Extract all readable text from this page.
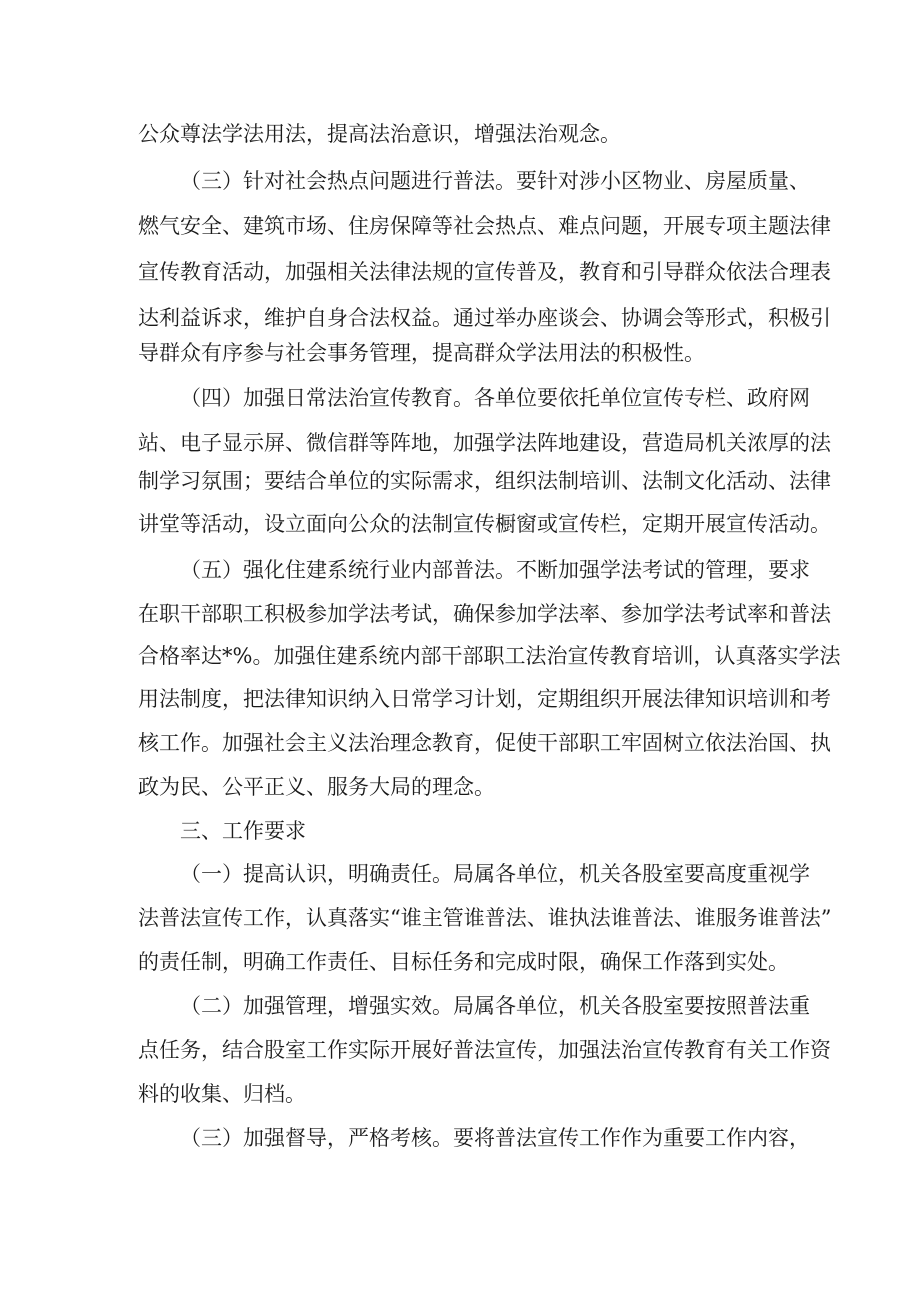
公众尊法学法用法，提高法治意识，增强法治观念。
（三）针对社会热点问题进行普法。要针对涉小区物业、房屋质量、
燃气安全、建筑市场、住房保障等社会热点、难点问题，开展专项主题法律
宣传教育活动，加强相关法律法规的宣传普及，教育和引导群众依法合理表
达利益诉求，维护自身合法权益。通过举办座谈会、协调会等形式，积极引
导群众有序参与社会事务管理，提高群众学法用法的积极性。
（四）加强日常法治宣传教育。各单位要依托单位宣传专栏、政府网
站、电子显示屏、微信群等阵地，加强学法阵地建设，营造局机关浓厚的法
制学习氛围；要结合单位的实际需求，组织法制培训、法制文化活动、法律
讲堂等活动，设立面向公众的法制宣传橱窗或宣传栏，定期开展宣传活动。
（五）强化住建系统行业内部普法。不断加强学法考试的管理，要求
在职干部职工积极参加学法考试，确保参加学法率、参加学法考试率和普法
合格率达*%。加强住建系统内部干部职工法治宣传教育培训，认真落实学法
用法制度，把法律知识纳入日常学习计划，定期组织开展法律知识培训和考
核工作。加强社会主义法治理念教育，促使干部职工牢固树立依法治国、执
政为民、公平正义、服务大局的理念。
三、工作要求
（一）提高认识，明确责任。局属各单位，机关各股室要高度重视学
法普法宣传工作，认真落实“谁主管谁普法、谁执法谁普法、谁服务谁普法”
的责任制，明确工作责任、目标任务和完成时限，确保工作落到实处。
（二）加强管理，增强实效。局属各单位，机关各股室要按照普法重
点任务，结合股室工作实际开展好普法宣传，加强法治宣传教育有关工作资
料的收集、归档。
（三）加强督导，严格考核。要将普法宣传工作作为重要工作内容，
